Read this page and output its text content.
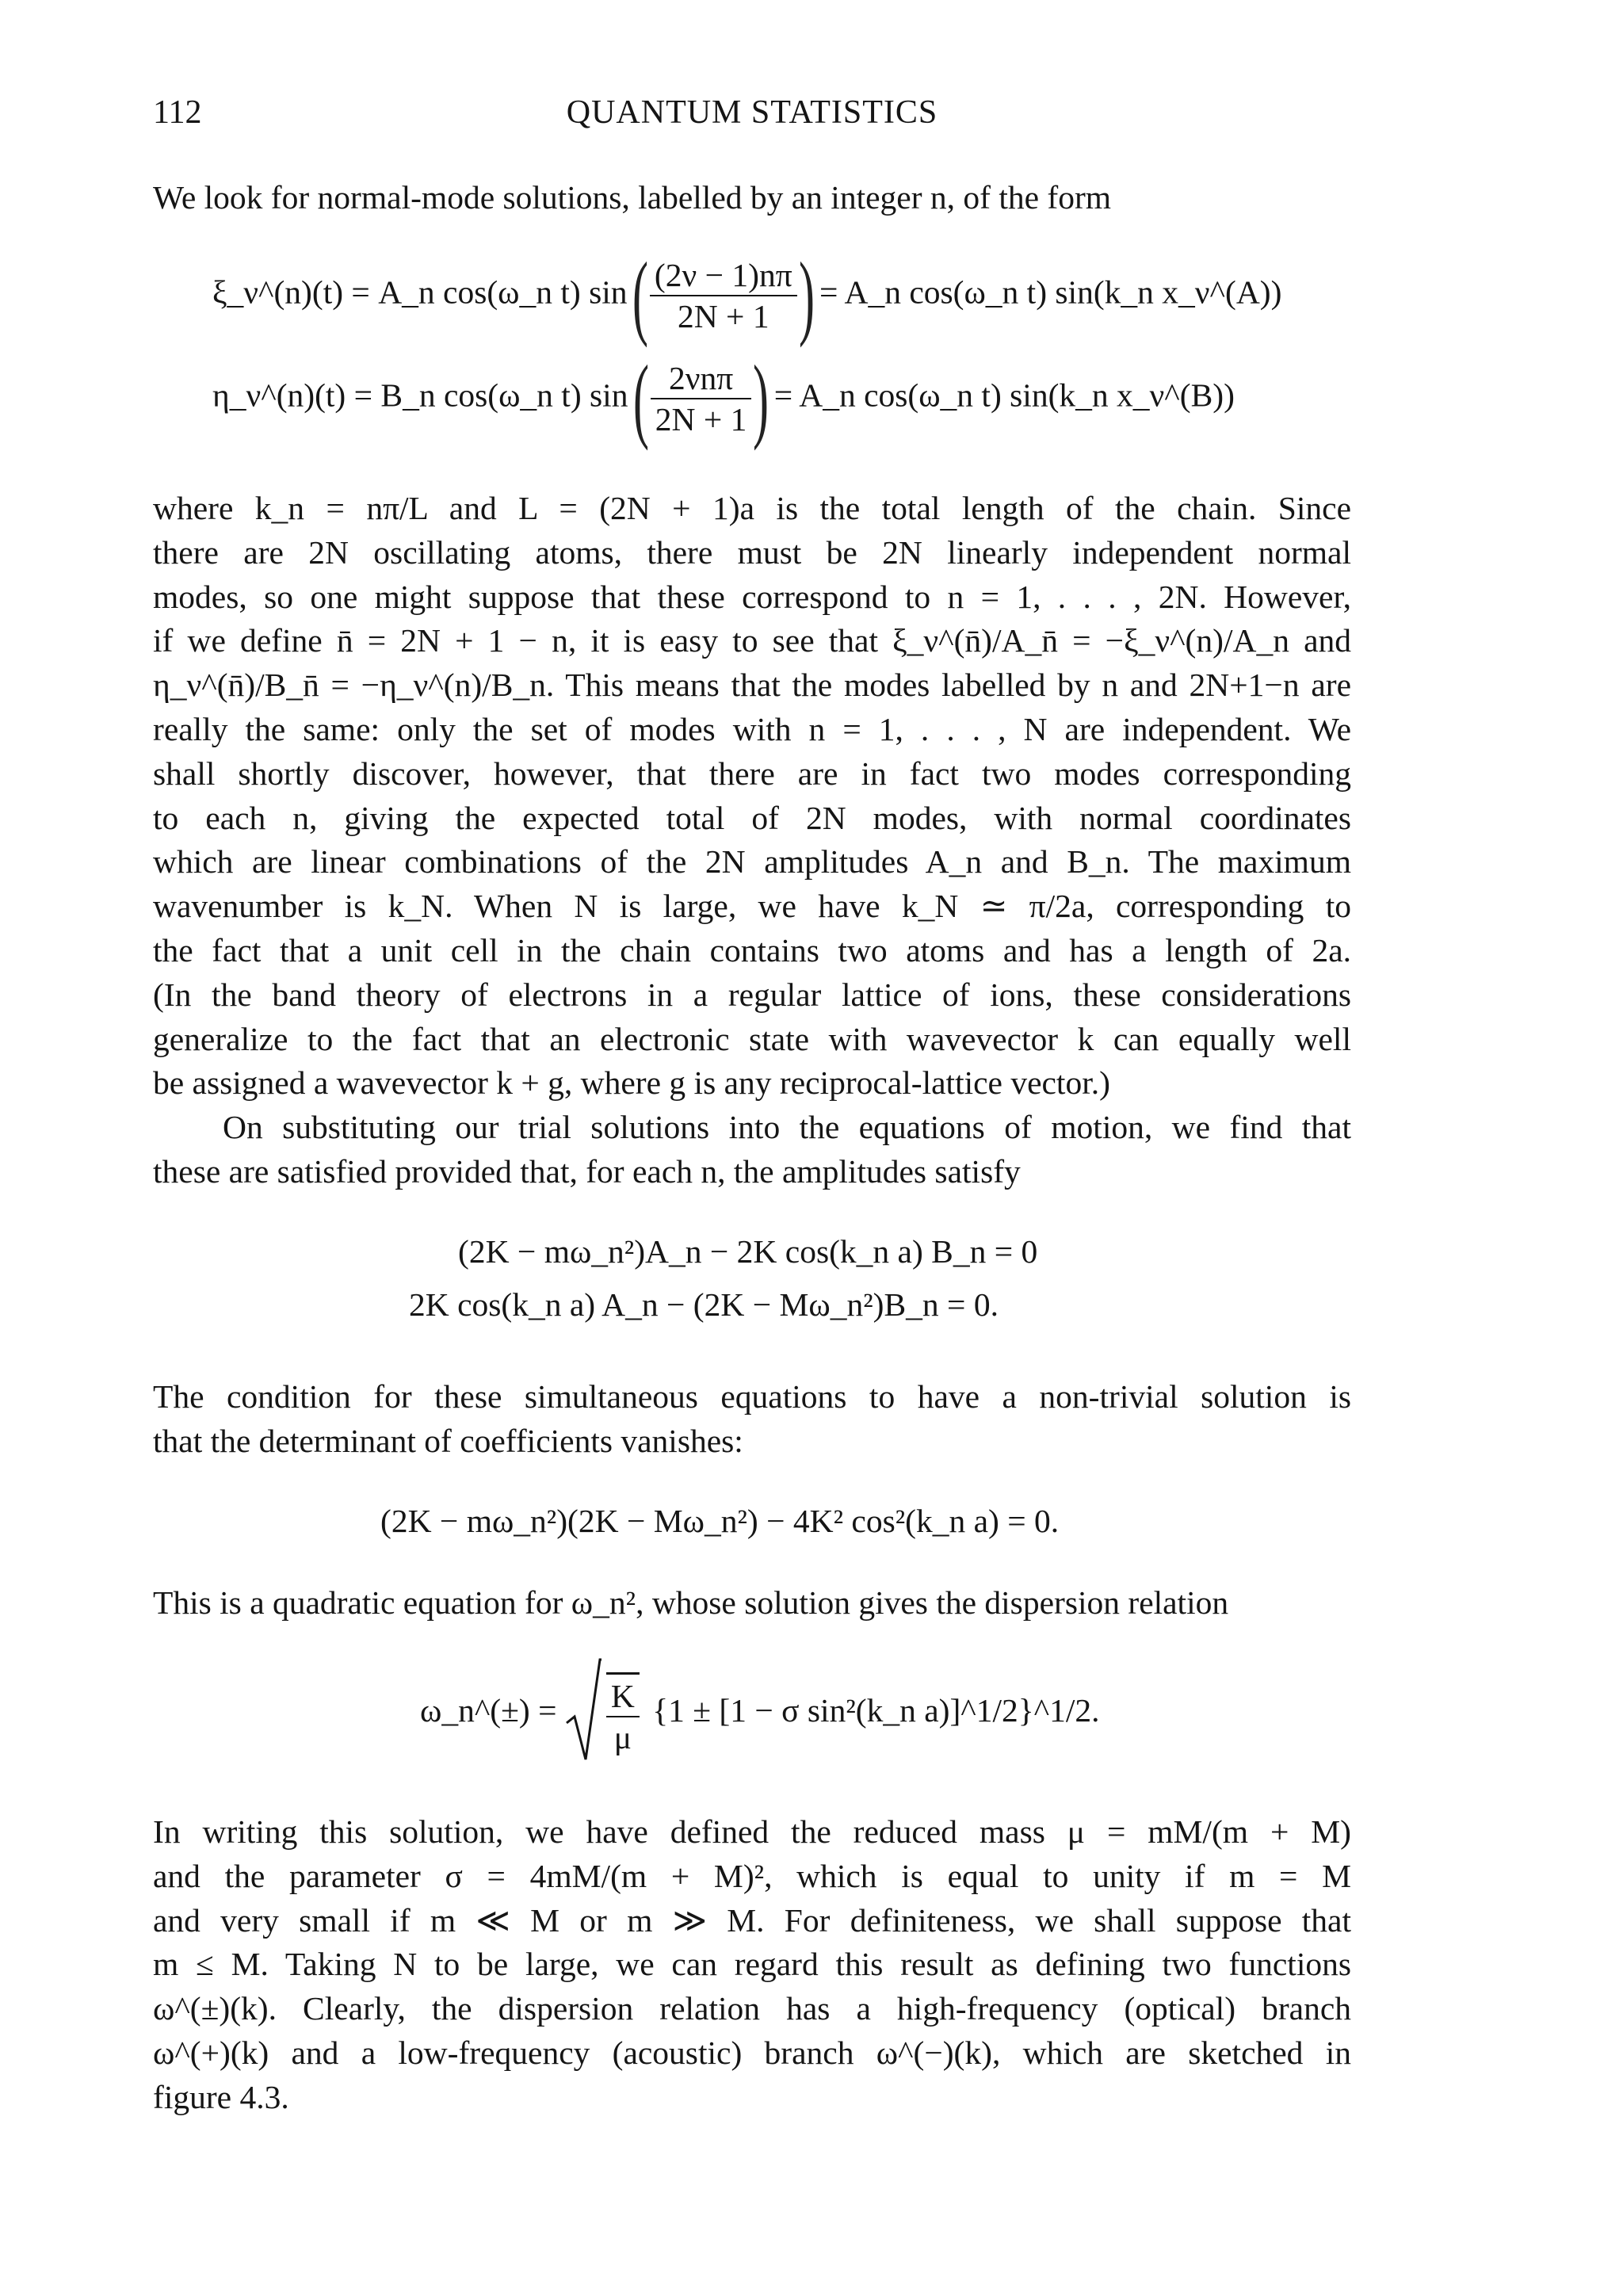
112	QUANTUM STATISTICS

We look for normal-mode solutions, labelled by an integer n, of the form

ξ_ν^(n)(t) = A_n cos(ω_n t) sin ( $\frac{(2\nu - 1)n\pi}{2N + 1}$ ) = A_n cos(ω_n t) sin(k_n x_ν^(A))
η_ν^(n)(t) = B_n cos(ω_n t) sin ( $\frac{\text{2νnπ}}{2N + 1}$ ) = A_n cos(ω_n t) sin(k_n x_ν^(B))

where k_n = nπ/L and L = (2N + 1)a is the total length of the chain. Since
there are 2N oscillating atoms, there must be 2N linearly independent normal
modes, so one might suppose that these correspond to n = 1, . . . , 2N. However,
if we define n̄ = 2N + 1 − n, it is easy to see that ξ_ν^(n̄)/A_n̄ = −ξ_ν^(n)/A_n and
η_ν^(n̄)/B_n̄ = −η_ν^(n)/B_n. This means that the modes labelled by n and 2N+1−n are
really the same: only the set of modes with n = 1, . . . , N are independent. We
shall shortly discover, however, that there are in fact two modes corresponding
to each n, giving the expected total of 2N modes, with normal coordinates
which are linear combinations of the 2N amplitudes A_n and B_n. The maximum
wavenumber is k_N. When N is large, we have k_N ≃ π/2a, corresponding to
the fact that a unit cell in the chain contains two atoms and has a length of 2a.
(In the band theory of electrons in a regular lattice of ions, these considerations
generalize to the fact that an electronic state with wavevector k can equally well
be assigned a wavevector k + g, where g is any reciprocal-lattice vector.)

On substituting our trial solutions into the equations of motion, we find that
these are satisfied provided that, for each n, the amplitudes satisfy

(2K − mω_n²)A_n − 2K cos(k_n a) B_n = 0
2K cos(k_n a) A_n − (2K − Mω_n²)B_n = 0.

The condition for these simultaneous equations to have a non-trivial solution is
that the determinant of coefficients vanishes:

(2K − mω_n²)(2K − Mω_n²) − 4K² cos²(k_n a) = 0.

This is a quadratic equation for ω_n², whose solution gives the dispersion relation

ω_n^(±) = $\frac{K}{\mu} \{1 \pm [1 - \sigma$ sin²(k_n a)]^1/2}^1/2.

In writing this solution, we have defined the reduced mass μ = mM/(m + M)
and the parameter σ = 4mM/(m + M)², which is equal to unity if m = M
and very small if m ≪ M or m ≫ M. For definiteness, we shall suppose that
m ≤ M. Taking N to be large, we can regard this result as defining two functions
ω^(±)(k). Clearly, the dispersion relation has a high-frequency (optical) branch
ω^(+)(k) and a low-frequency (acoustic) branch ω^(−)(k), which are sketched in
figure 4.3.
